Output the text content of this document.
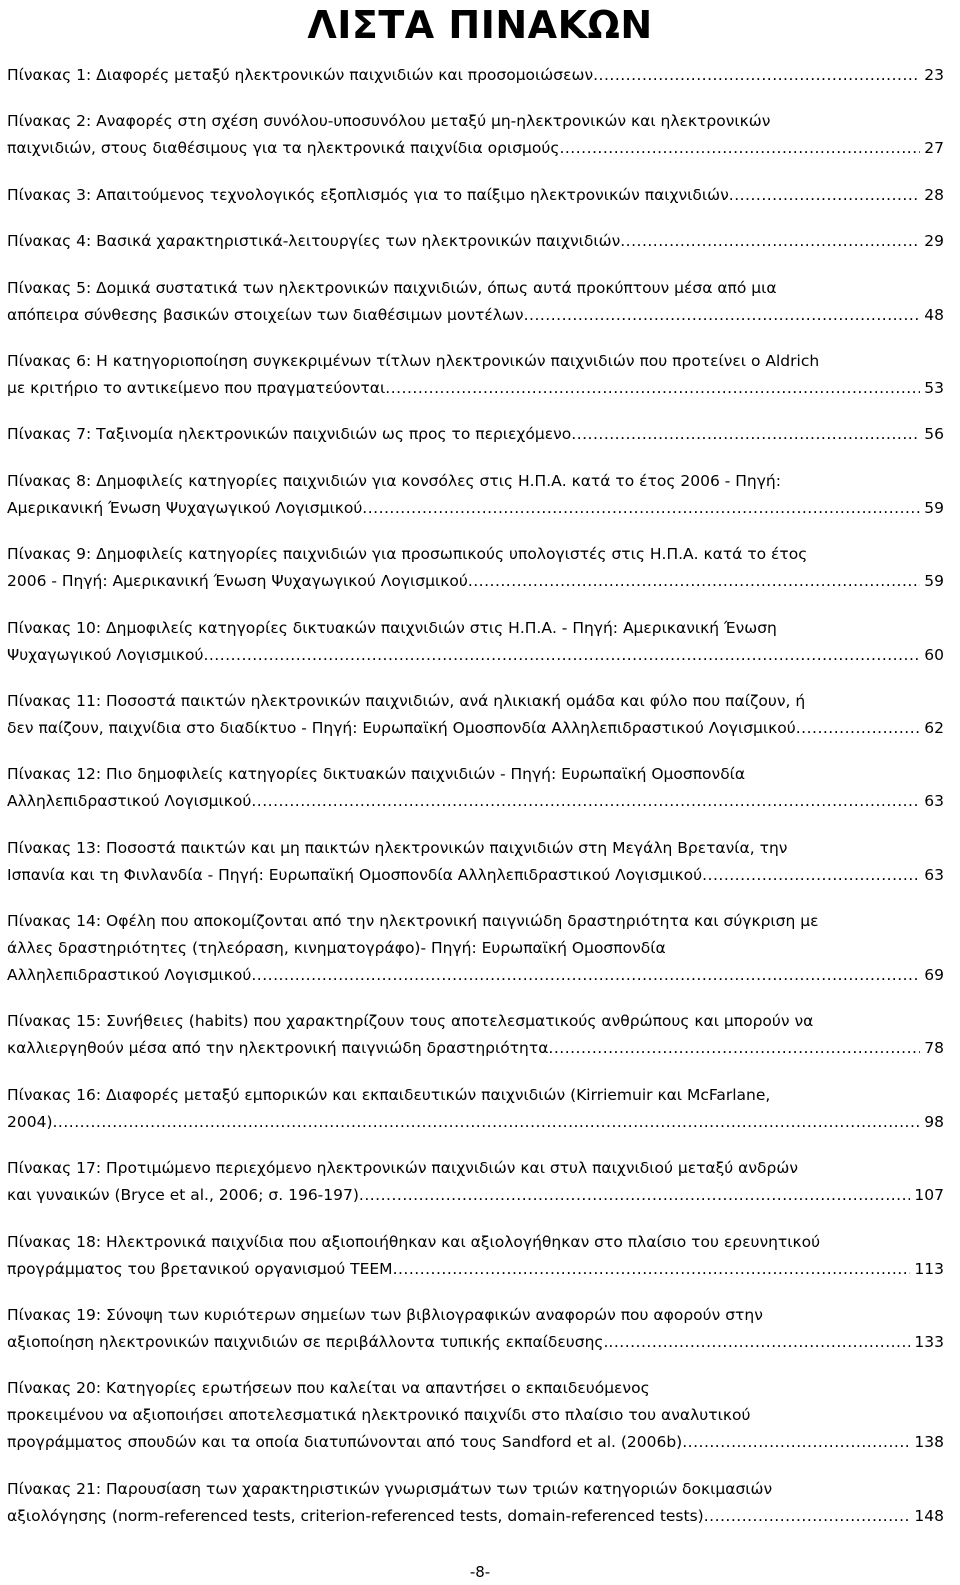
ΛΙΣΤΑ ΠΙΝΑΚΩΝ
Πίνακας 1: Διαφορές μεταξύ ηλεκτρονικών παιχνιδιών και προσομοιώσεων .....	23
Πίνακας 2: Αναφορές στη σχέση συνόλου-υποσυνόλου μεταξύ μη-ηλεκτρονικών και ηλεκτρονικών
παιχνιδιών, στους διαθέσιμους για τα ηλεκτρονικά παιχνίδια ορισμούς .....	27
Πίνακας 3: Απαιτούμενος τεχνολογικός εξοπλισμός για το παίξιμο ηλεκτρονικών παιχνιδιών .....	28
Πίνακας 4: Βασικά χαρακτηριστικά-λειτουργίες των ηλεκτρονικών παιχνιδιών .....	29
Πίνακας 5: Δομικά συστατικά των ηλεκτρονικών παιχνιδιών, όπως αυτά προκύπτουν μέσα από μια
απόπειρα σύνθεσης βασικών στοιχείων των διαθέσιμων μοντέλων .....	48
Πίνακας 6: Η κατηγοριοποίηση συγκεκριμένων τίτλων ηλεκτρονικών παιχνιδιών που προτείνει ο Aldrich
με κριτήριο το αντικείμενο που πραγματεύονται .....	53
Πίνακας 7: Ταξινομία ηλεκτρονικών παιχνιδιών ως προς το περιεχόμενο .....	56
Πίνακας 8: Δημοφιλείς κατηγορίες παιχνιδιών για κονσόλες στις Η.Π.Α. κατά το έτος 2006 - Πηγή:
Αμερικανική Ένωση Ψυχαγωγικού Λογισμικού .....	59
Πίνακας 9: Δημοφιλείς κατηγορίες παιχνιδιών για προσωπικούς υπολογιστές στις Η.Π.Α. κατά το έτος
2006 - Πηγή: Αμερικανική Ένωση Ψυχαγωγικού Λογισμικού .....	59
Πίνακας 10: Δημοφιλείς κατηγορίες δικτυακών παιχνιδιών στις Η.Π.Α. - Πηγή: Αμερικανική Ένωση
Ψυχαγωγικού Λογισμικού .....	60
Πίνακας 11: Ποσοστά παικτών ηλεκτρονικών παιχνιδιών, ανά ηλικιακή ομάδα και φύλο που παίζουν, ή
δεν παίζουν, παιχνίδια στο διαδίκτυο - Πηγή: Ευρωπαϊκή Ομοσπονδία Αλληλεπιδραστικού Λογισμικού .....	62
Πίνακας 12: Πιο δημοφιλείς κατηγορίες δικτυακών παιχνιδιών - Πηγή: Ευρωπαϊκή Ομοσπονδία
Αλληλεπιδραστικού Λογισμικού .....	63
Πίνακας 13: Ποσοστά παικτών και μη παικτών ηλεκτρονικών παιχνιδιών στη Μεγάλη Βρετανία, την
Ισπανία και τη Φινλανδία - Πηγή: Ευρωπαϊκή Ομοσπονδία Αλληλεπιδραστικού Λογισμικού .....	63
Πίνακας 14: Οφέλη που αποκομίζονται από την ηλεκτρονική παιγνιώδη δραστηριότητα και σύγκριση με
άλλες δραστηριότητες (τηλεόραση, κινηματογράφο)- Πηγή: Ευρωπαϊκή Ομοσπονδία
Αλληλεπιδραστικού Λογισμικού .....	69
Πίνακας 15: Συνήθειες (habits) που χαρακτηρίζουν τους αποτελεσματικούς ανθρώπους και μπορούν να
καλλιεργηθούν μέσα από την ηλεκτρονική παιγνιώδη δραστηριότητα .....	78
Πίνακας 16: Διαφορές μεταξύ εμπορικών και εκπαιδευτικών παιχνιδιών (Kirriemuir και McFarlane,
2004) .....	98
Πίνακας 17: Προτιμώμενο περιεχόμενο ηλεκτρονικών παιχνιδιών και στυλ παιχνιδιού μεταξύ ανδρών
και γυναικών (Bryce et al., 2006; σ. 196-197) .....	107
Πίνακας 18: Ηλεκτρονικά παιχνίδια που αξιοποιήθηκαν και αξιολογήθηκαν στο πλαίσιο του ερευνητικού
προγράμματος του βρετανικού οργανισμού TEEM .....	113
Πίνακας 19: Σύνοψη των κυριότερων σημείων των βιβλιογραφικών αναφορών που αφορούν στην
αξιοποίηση ηλεκτρονικών παιχνιδιών σε περιβάλλοντα τυπικής εκπαίδευσης. .....	133
Πίνακας 20: Κατηγορίες ερωτήσεων που καλείται να απαντήσει ο εκπαιδευόμενος
προκειμένου να αξιοποιήσει αποτελεσματικά ηλεκτρονικό παιχνίδι στο πλαίσιο του αναλυτικού
προγράμματος σπουδών και τα οποία διατυπώνονται από τους Sandford et al. (2006b) .....	138
Πίνακας 21: Παρουσίαση των χαρακτηριστικών γνωρισμάτων των τριών κατηγοριών δοκιμασιών
αξιολόγησης (norm-referenced tests, criterion-referenced tests, domain-referenced tests) .....	148
-8-
